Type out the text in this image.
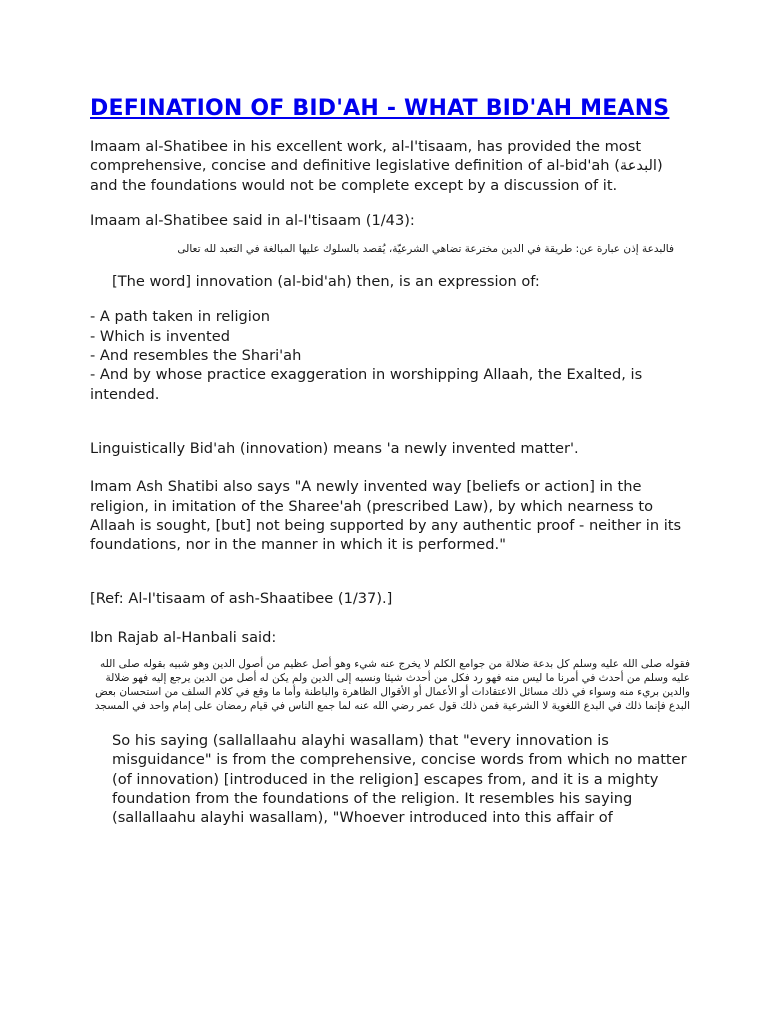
DEFINATION OF BID'AH - WHAT BID'AH MEANS

Imaam al-Shatibee in his excellent work, al-I'tisaam, has provided the most comprehensive, concise and definitive legislative definition of al-bid'ah (البدعة) and the foundations would not be complete except by a discussion of it.

Imaam al-Shatibee said in al-I'tisaam (1/43):

فالبدعة إذن عبارة عن: طريقة في الدين مخترعة تضاهي الشرعيّة، يُقصد بالسلوك عليها المبالغة في التعبد لله تعالى

[The word] innovation (al-bid'ah) then, is an expression of:

- A path taken in religion

- Which is invented

- And resembles the Shari'ah

- And by whose practice exaggeration in worshipping Allaah, the Exalted, is intended.

Linguistically Bid'ah (innovation) means 'a newly invented matter'.

Imam Ash Shatibi also says "A newly invented way [beliefs or action] in the religion, in imitation of the Sharee'ah (prescribed Law), by which nearness to Allaah is sought, [but] not being supported by any authentic proof - neither in its foundations, nor in the manner in which it is performed."

[Ref: Al-I'tisaam of ash-Shaatibee (1/37).]

Ibn Rajab al-Hanbali said:

فقوله صلى الله عليه وسلم كل بدعة ضلالة من جوامع الكلم لا يخرج عنه شيء وهو أصل عظيم من أصول الدين وهو شبيه بقوله صلى الله عليه وسلم من أحدث في أمرنا ما ليس منه فهو رد فكل من أحدث شيئا ونسبه إلى الدين ولم يكن له أصل من الدين يرجع إليه فهو ضلالة والدين بريء منه وسواء في ذلك مسائل الاعتقادات أو الأعمال أو الأقوال الظاهرة والباطنة وأما ما وقع في كلام السلف من استحسان بعض البدع فإنما ذلك في البدع اللغوية لا الشرعية فمن ذلك قول عمر رضي الله عنه لما جمع الناس في قيام رمضان على إمام واحد في المسجد

So his saying (sallallaahu alayhi wasallam) that "every innovation is misguidance" is from the comprehensive, concise words from which no matter (of innovation) [introduced in the religion] escapes from, and it is a mighty foundation from the foundations of the religion. It resembles his saying (sallallaahu alayhi wasallam), "Whoever introduced into this affair of
